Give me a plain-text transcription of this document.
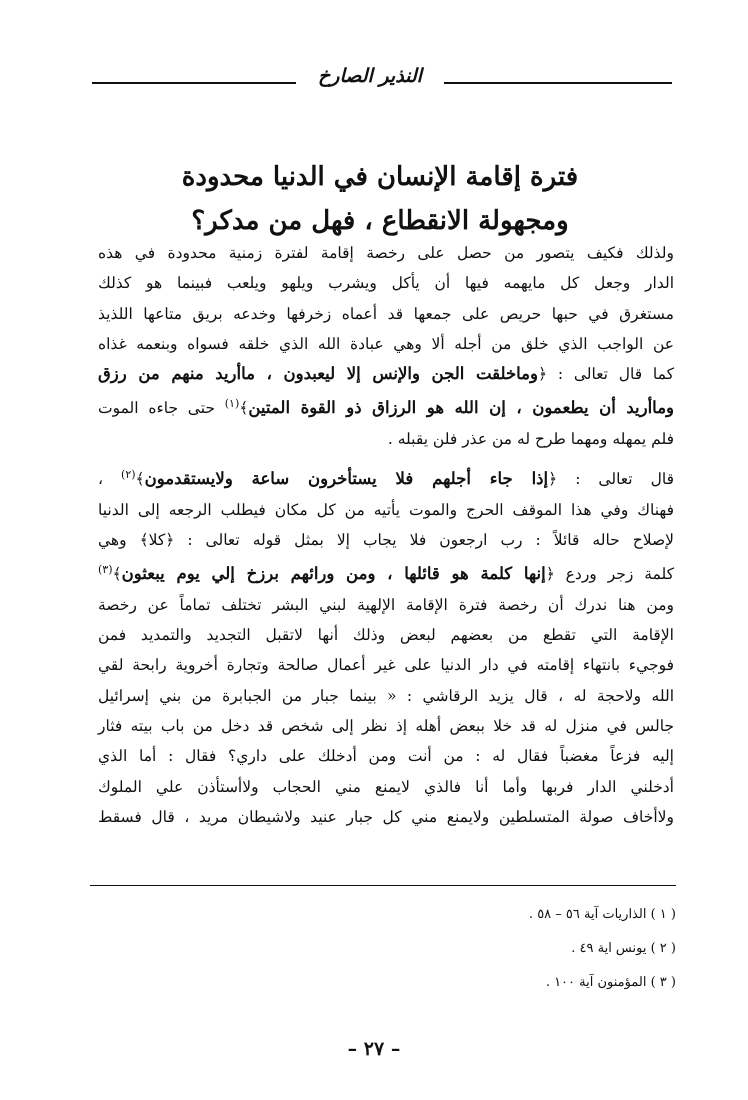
النذير الصارخ
فترة إقامة الإنسان في الدنيا محدودة
ومجهولة الانقطاع ، فهل من مدكر؟

ولذلك فكيف يتصور من حصل على رخصة إقامة لفترة زمنية محدودة في هذه
الدار وجعل كل مايهمه فيها أن يأكل ويشرب ويلهو ويلعب فبينما هو كذلك
مستغرق في حبها حريص على جمعها قد أعماه زخرفها وخدعه بريق متاعها اللذيذ
عن الواجب الذي خلق من أجله ألا وهي عبادة الله الذي خلقه فسواه وبنعمه غذاه
كما قال تعالى : ﴿وماخلقت الجن والإنس إلا ليعبدون ، ماأريد منهم من رزق
وماأريد أن يطعمون ، إن الله هو الرزاق ذو القوة المتين﴾$^{(١)}$ حتى جاءه الموت
فلم يمهله ومهما طرح له من عذر فلن يقبله .

قال تعالى : ﴿إذا جاء أجلهم فلا يستأخرون ساعة ولايستقدمون﴾$^{(٢)}$ ،
فهناك وفي هذا الموقف الحرج والموت يأتيه من كل مكان فيطلب الرجعه إلى الدنيا
لإصلاح حاله قائلاً : رب ارجعون فلا يجاب إلا بمثل قوله تعالى : ﴿كلا﴾ وهي
كلمة زجر وردع ﴿إنها كلمة هو قائلها ، ومن ورائهم برزخ إلي يوم يبعثون﴾$^{(٣)}$
ومن هنا ندرك أن رخصة فترة الإقامة الإلهية لبني البشر تختلف تماماً عن رخصة
الإقامة التي تقطع من بعضهم لبعض وذلك أنها لاتقبل التجديد والتمديد فمن
فوجيء بانتهاء إقامته في دار الدنيا على غير أعمال صالحة وتجارة أخروية رابحة لقي
الله ولاحجة له ، قال يزيد الرقاشي : « بينما جبار من الجبابرة من بني إسرائيل
جالس في منزل له قد خلا ببعض أهله إذ نظر إلى شخص قد دخل من باب بيته فثار
إليه فزعاً مغضباً فقال له : من أنت ومن أدخلك على داري؟ فقال : أما الذي
أدخلني الدار فربها وأما أنا فالذي لايمنع مني الحجاب ولاأستأذن علي الملوك
ولاأخاف صولة المتسلطين ولايمنع مني كل جبار عنيد ولاشيطان مريد ، قال فسقط

( ١ ) الذاريات آية ٥٦ – ٥٨ .
( ٢ ) يونس اية ٤٩ .
( ٣ ) المؤمنون آية ١٠٠ .
– ٢٧ –
